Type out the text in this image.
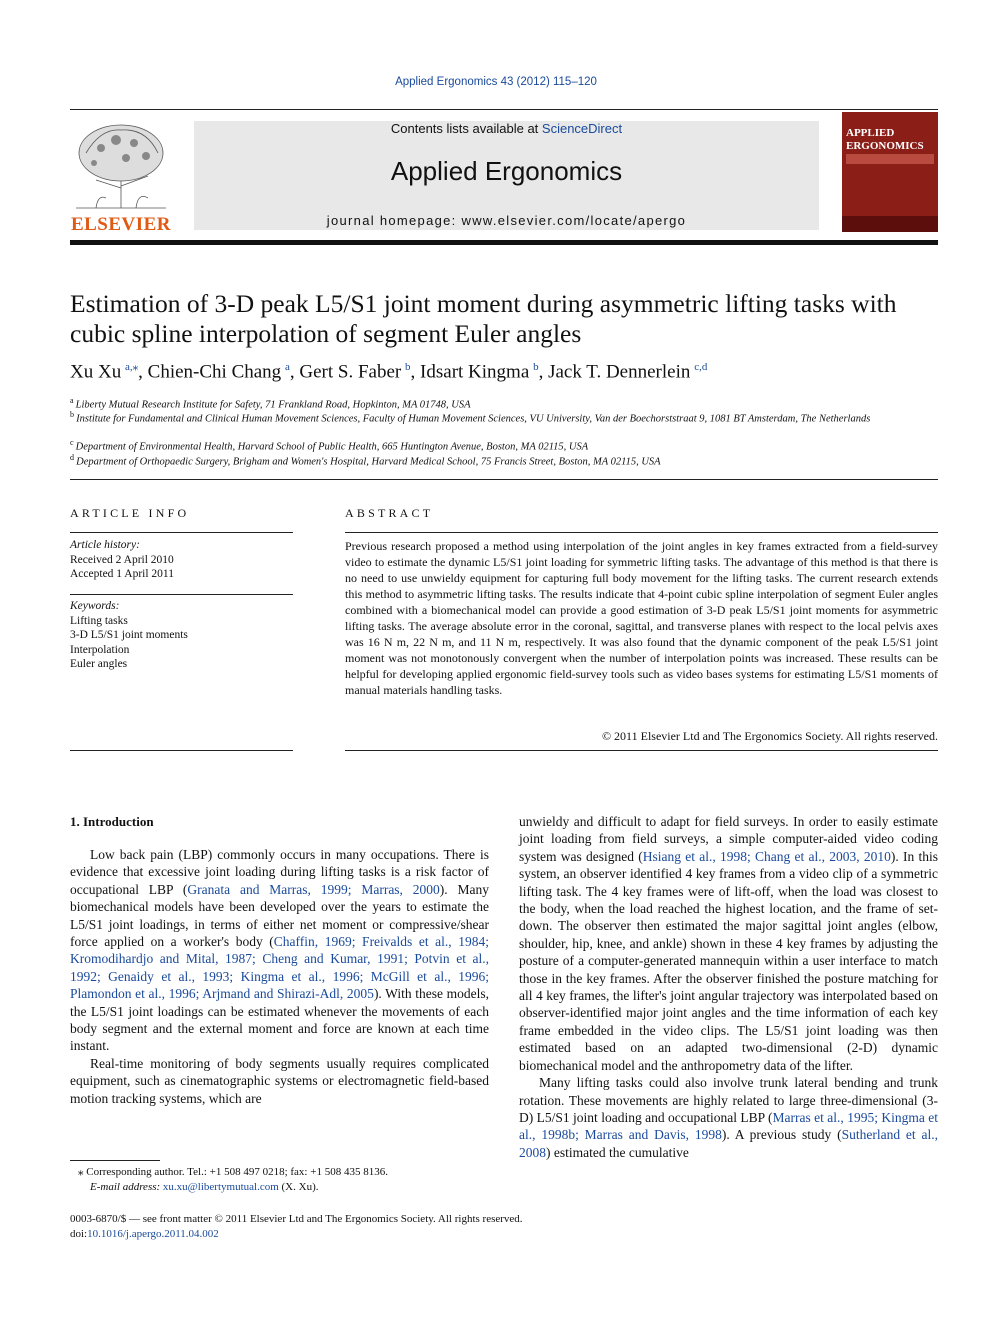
Applied Ergonomics 43 (2012) 115–120
ELSEVIER
Contents lists available at ScienceDirect
Applied Ergonomics
journal homepage: www.elsevier.com/locate/apergo
APPLIED
ERGONOMICS
Estimation of 3-D peak L5/S1 joint moment during asymmetric lifting tasks with cubic spline interpolation of segment Euler angles
Xu Xu  $^{a,⁎}$, Chien-Chi Chang  $^a$, Gert S. Faber  $^b$, Idsart Kingma  $^b$, Jack T. Dennerlein  $^{c,d}$
$^a$  Liberty Mutual Research Institute for Safety, 71 Frankland Road, Hopkinton, MA 01748, USA
$^b$  Institute for Fundamental and Clinical Human Movement Sciences, Faculty of Human Movement Sciences, VU University, Van der Boechorststraat 9, 1081 BT Amsterdam, The Netherlands
$^c$  Department of Environmental Health, Harvard School of Public Health, 665 Huntington Avenue, Boston, MA 02115, USA
$^d$  Department of Orthopaedic Surgery, Brigham and Women's Hospital, Harvard Medical School, 75 Francis Street, Boston, MA 02115, USA
ARTICLE INFO
Article history:
Received 2 April 2010
Accepted 1 April 2011
Keywords:
Lifting tasks
3-D L5/S1 joint moments
Interpolation
Euler angles
ABSTRACT
Previous research proposed a method using interpolation of the joint angles in key frames extracted from a field-survey video to estimate the dynamic L5/S1 joint loading for symmetric lifting tasks. The advantage of this method is that there is no need to use unwieldy equipment for capturing full body movement for the lifting tasks. The current research extends this method to asymmetric lifting tasks. The results indicate that 4-point cubic spline interpolation of segment Euler angles combined with a biomechanical model can provide a good estimation of 3-D peak L5/S1 joint moments for asymmetric lifting tasks. The average absolute error in the coronal, sagittal, and transverse planes with respect to the local pelvis axes was 16 N m, 22 N m, and 11 N m, respectively. It was also found that the dynamic component of the peak L5/S1 joint moment was not monotonously convergent when the number of interpolation points was increased. These results can be helpful for developing applied ergonomic field-survey tools such as video bases systems for estimating L5/S1 moments of manual materials handling tasks.
© 2011 Elsevier Ltd and The Ergonomics Society. All rights reserved.
1. Introduction

Low back pain (LBP) commonly occurs in many occupations. There is evidence that excessive joint loading during lifting tasks is a risk factor of occupational LBP (Granata and Marras, 1999; Marras, 2000). Many biomechanical models have been developed over the years to estimate the L5/S1 joint loadings, in terms of either net moment or compressive/shear force applied on a worker's body (Chaffin, 1969; Freivalds et al., 1984; Kromodihardjo and Mital, 1987; Cheng and Kumar, 1991; Potvin et al., 1992; Genaidy et al., 1993; Kingma et al., 1996; McGill et al., 1996; Plamondon et al., 1996; Arjmand and Shirazi-Adl, 2005). With these models, the L5/S1 joint loadings can be estimated whenever the movements of each body segment and the external moment and force are known at each time instant.

Real-time monitoring of body segments usually requires complicated equipment, such as cinematographic systems or electromagnetic field-based motion tracking systems, which are

unwieldy and difficult to adapt for field surveys. In order to easily estimate joint loading from field surveys, a simple computer-aided video coding system was designed (Hsiang et al., 1998; Chang et al., 2003, 2010). In this system, an observer identified 4 key frames from a video clip of a symmetric lifting task. The 4 key frames were of lift-off, when the load was closest to the body, when the load reached the highest location, and the frame of set-down. The observer then estimated the major sagittal joint angles (elbow, shoulder, hip, knee, and ankle) shown in these 4 key frames by adjusting the posture of a computer-generated mannequin within a user interface to match those in the key frames. After the observer finished the posture matching for all 4 key frames, the lifter's joint angular trajectory was interpolated based on observer-identified major joint angles and the time information of each key frame embedded in the video clips. The L5/S1 joint loading was then estimated based on an adapted two-dimensional (2-D) dynamic biomechanical model and the anthropometry data of the lifter.

Many lifting tasks could also involve trunk lateral bending and trunk rotation. These movements are highly related to large three-dimensional (3-D) L5/S1 joint loading and occupational LBP (Marras et al., 1995; Kingma et al., 1998b; Marras and Davis, 1998). A previous study (Sutherland et al., 2008) estimated the cumulative

⁎ Corresponding author. Tel.: +1 508 497 0218; fax: +1 508 435 8136.
E-mail address: xu.xu@libertymutual.com (X. Xu).
0003-6870/$ — see front matter © 2011 Elsevier Ltd and The Ergonomics Society. All rights reserved.
doi:10.1016/j.apergo.2011.04.002
